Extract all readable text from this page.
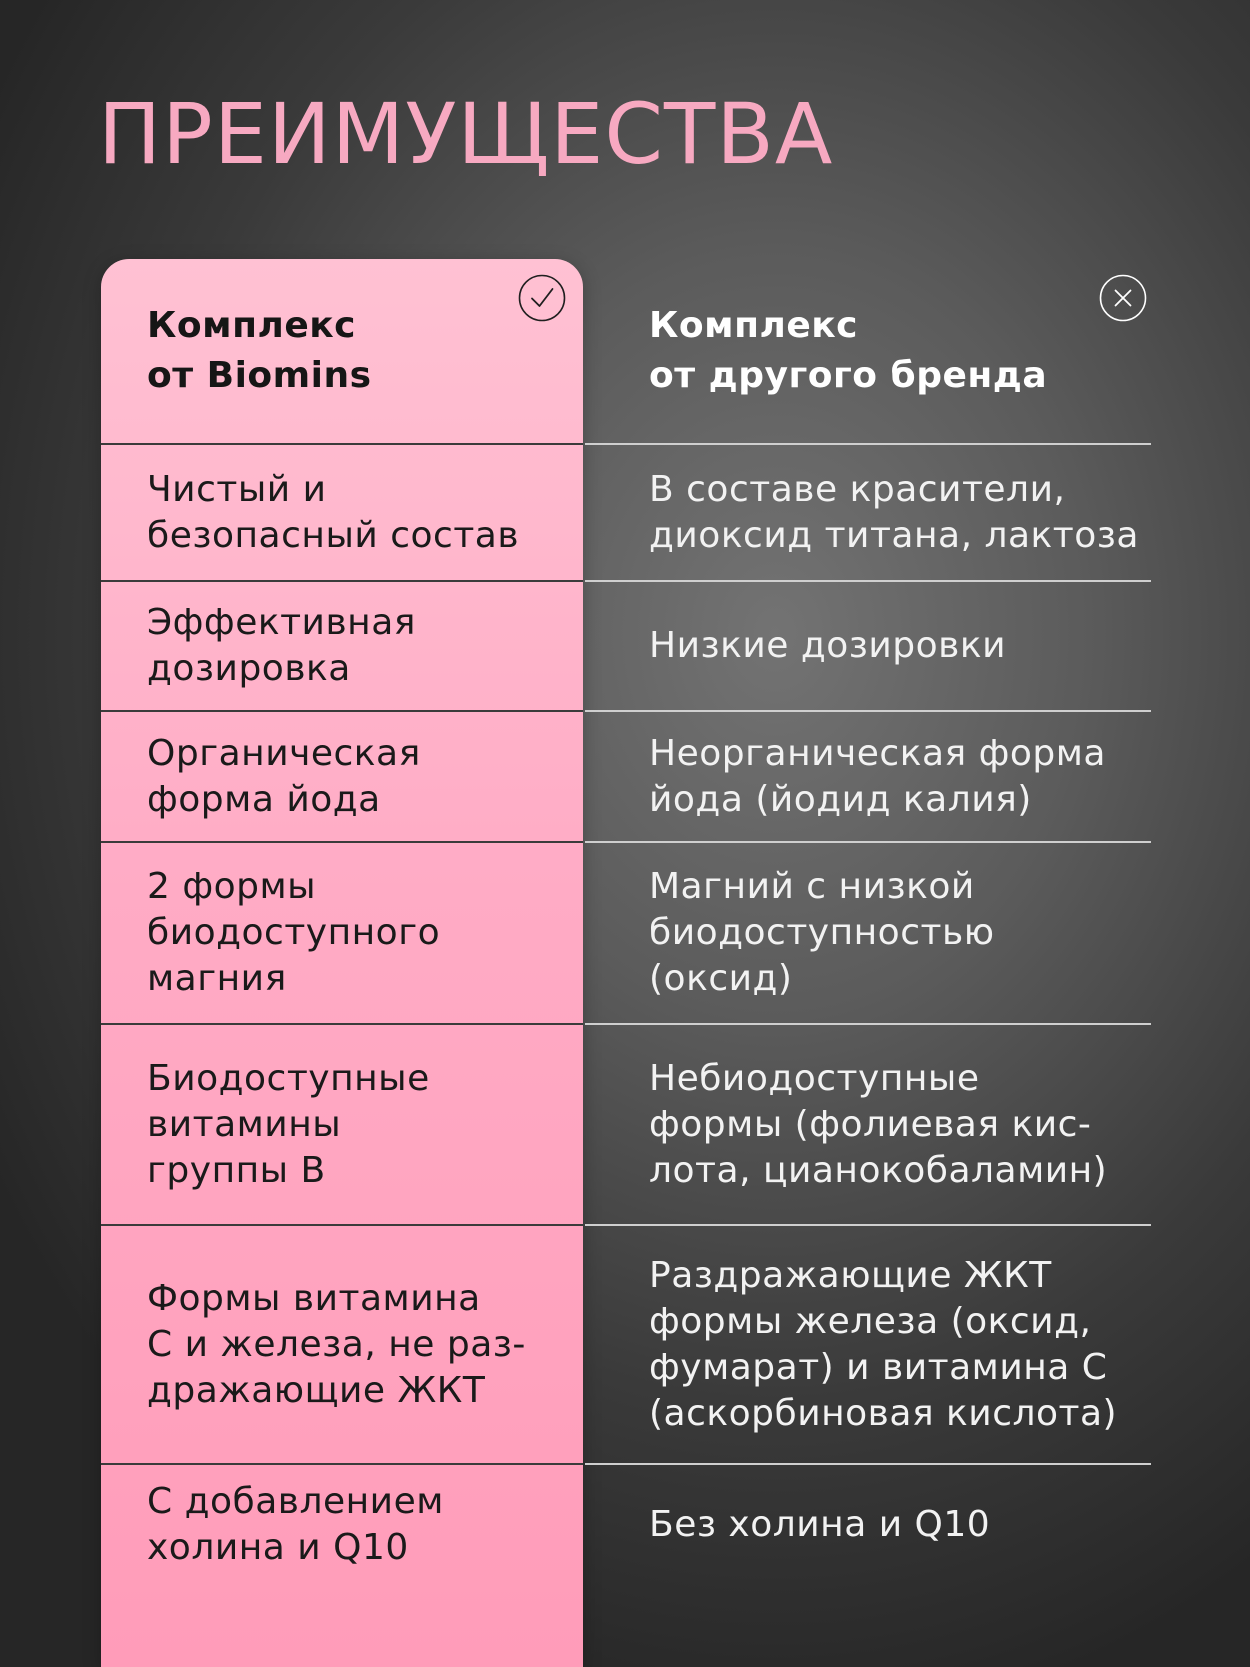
ПРЕИМУЩЕСТВА
Комплекс
от Biomins
Комплекс
от другого бренда
Чистый и
безопасный состав
В составе красители,
диоксид титана, лактоза
Эффективная
дозировка
Низкие дозировки
Органическая
форма йода
Неорганическая форма
йода (йодид калия)
2 формы
биодоступного
магния
Магний с низкой
биодоступностью (оксид)
Биодоступные
витамины
группы В
Небиодоступные
формы (фолиевая кис-
лота, цианокобаламин)
Формы витамина
С и железа, не раз-
дражающие ЖКТ
Раздражающие ЖКТ
формы железа (оксид,
фумарат) и витамина С
(аскорбиновая кислота)
С добавлением
холина и Q10
Без холина и Q10
